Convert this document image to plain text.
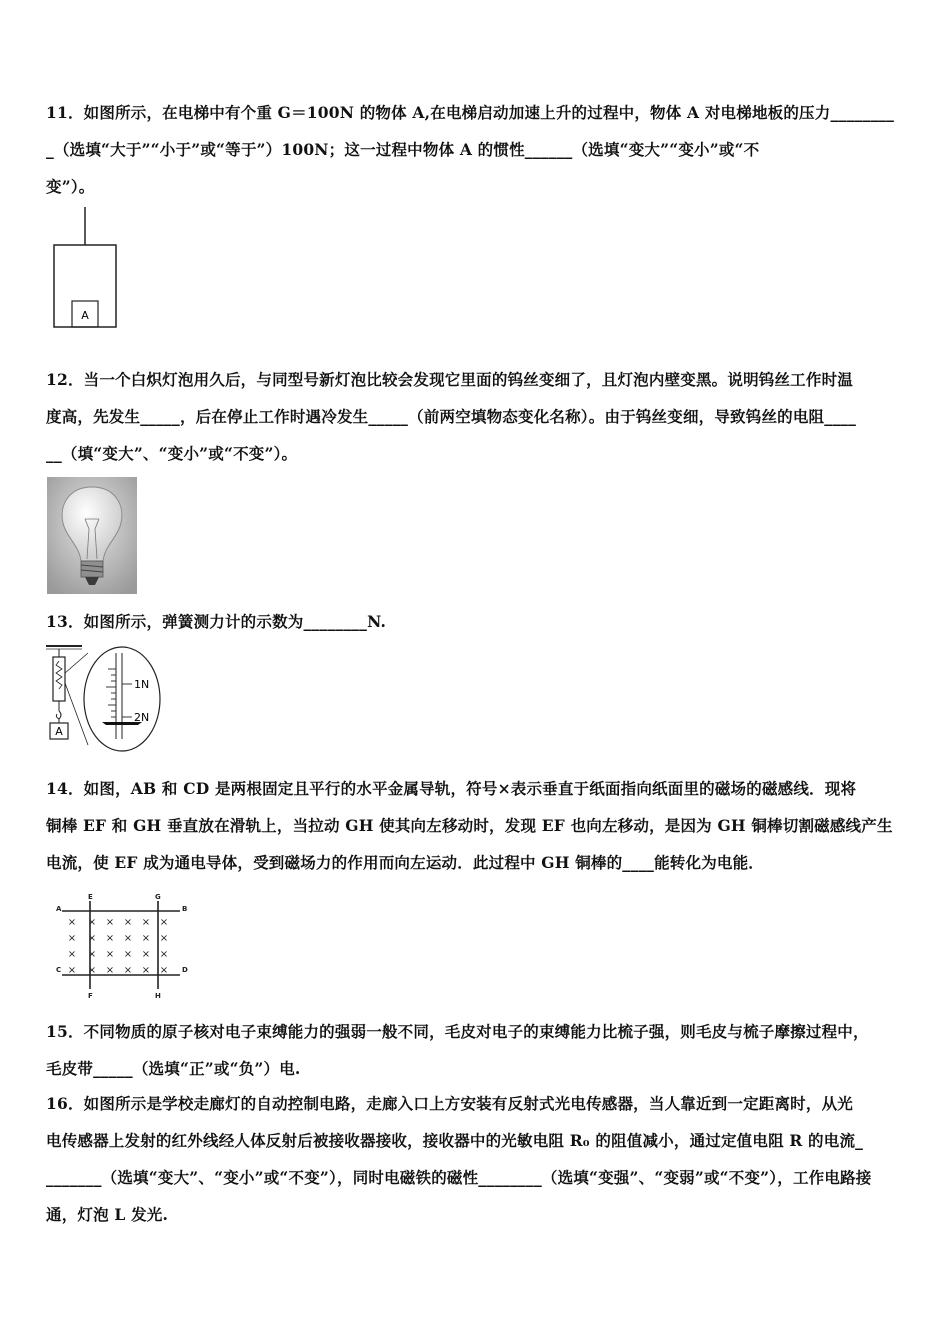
11．如图所示，在电梯中有个重 G＝100N 的物体 A,在电梯启动加速上升的过程中，物体 A 对电梯地板的压力________

_（选填“大于”“小于”或“等于”）100N；这一过程中物体 A 的惯性______（选填“变大”“变小”或“不

变”）。

A

12．当一个白炽灯泡用久后，与同型号新灯泡比较会发现它里面的钨丝变细了，且灯泡内壁变黑。说明钨丝工作时温

度高，先发生_____，后在停止工作时遇冷发生_____（前两空填物态变化名称）。由于钨丝变细，导致钨丝的电阻____

__（填“变大”、“变小”或“不变”）。

13．如图所示，弹簧测力计的示数为________N.

A
1N
2N

14．如图，AB 和 CD 是两根固定且平行的水平金属导轨，符号×表示垂直于纸面指向纸面里的磁场的磁感线．现将

铜棒 EF 和 GH 垂直放在滑轨上，当拉动 GH 使其向左移动时，发现 EF 也向左移动，是因为 GH 铜棒切割磁感线产生

电流，使 EF 成为通电导体，受到磁场力的作用而向左运动．此过程中 GH 铜棒的____能转化为电能．

A	B
C	D
E
F
G
H
× × × × × ×
× × × × × ×
× × × × × ×
× × × × × ×

15．不同物质的原子核对电子束缚能力的强弱一般不同，毛皮对电子的束缚能力比梳子强，则毛皮与梳子摩擦过程中，

毛皮带_____（选填“正”或“负”）电.

16．如图所示是学校走廊灯的自动控制电路，走廊入口上方安装有反射式光电传感器，当人靠近到一定距离时，从光

电传感器上发射的红外线经人体反射后被接收器接收，接收器中的光敏电阻 R₀ 的阻值减小，通过定值电阻 R 的电流_

_______（选填“变大”、“变小”或“不变”），同时电磁铁的磁性________（选填“变强”、“变弱”或“不变”），工作电路接

通，灯泡 L 发光.
